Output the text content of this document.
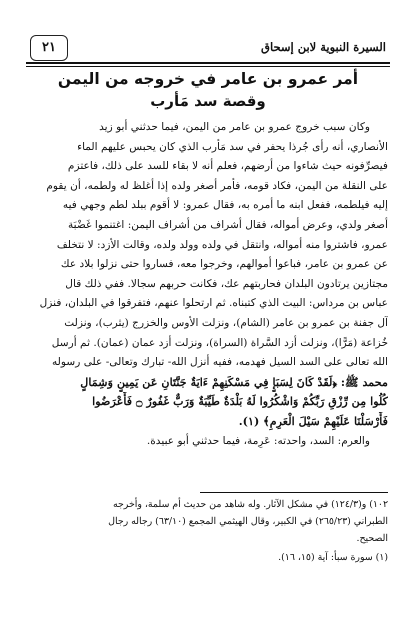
السيرة النبوية لابن إسحاق
٢١
أمر عمرو بن عامر في خروجه من اليمن
وقصة سد مَأرب
وكان سبب خروج عمرو بن عامر من اليمن، فيما حدثني أبو زيد
الأنصاري، أنه رأى جُرذا يحفر في سد مَأرب الذي كان يحبس عليهم الماء
فيصرِّفونه حيث شاءوا من أرضهم، فعلم أنه لا بقاء للسد على ذلك، فاعتزم
على النقلة من اليمن، فكاد قومه، فأمر أصغر ولده إذا أغلظ له ولطمه، أن يقوم
إليه فيلطمه، ففعل ابنه ما أمره به، فقال عمرو: لا أقوم ببلد لطم وجهي فيه
أصغر ولدي، وعرض أمواله، فقال أشراف من أشراف اليمن: اغتنموا غَضْبَة
عمرو، فاشتروا منه أمواله، وانتقل في ولده وولد ولده، وقالت الأزد: لا نتخلف
عن عمرو بن عامر، فباعوا أموالهم، وخرجوا معه، فساروا حتى نزلوا بلاد عك
مجتازين يرتادون البلدان فحاربتهم عك، فكانت حربهم سجالا. ففي ذلك قال
عباس بن مرداس: البيت الذي كتبناه. ثم ارتحلوا عنهم، فتفرقوا في البلدان، فنزل
آل جفنة بن عمرو بن عامر (الشام)، ونزلت الأوس والخزرج (يثرب)، ونزلت
خُزاعة (مَرًّا)، ونزلت أزد السَّراة (السراة)، ونزلت أزد عمان (عمان). ثم أرسل
الله تعالى على السد السيل فهدمه، ففيه أنزل الله- تبارك وتعالى- على رسوله
محمد ﷺ: ﴿لَقَدْ كَانَ لِسَبَإٍ فِي مَسْكَنِهِمْ ءَايَةٌ جَنَّتَانِ عَن يَمِينٍ وَشِمَالٍ
كُلُوا مِن رِّزْقِ رَبِّكُمْ وَاشْكُرُوا لَهُ بَلْدَةٌ طَيِّبَةٌ وَرَبٌّ غَفُورٌ ۝ فَأَعْرَضُوا
فَأَرْسَلْنَا عَلَيْهِمْ سَيْلَ الْعَرِمِ﴾ (١).
والعرم: السد، واحدته: عَرِمة، فيما حدثني أبو عبيدة.
١٠٢) و(١٢٤/٣) في مشكل الآثار. وله شاهد من حديث أم سلمة، وأخرجه
الطبراني (٢٦٥/٢٣) في الكبير، وقال الهيثمي المجمع (٦٣/١٠) رجاله رجال
الصحيح.
(١) سورة سبأ: آية (١٥، ١٦).
